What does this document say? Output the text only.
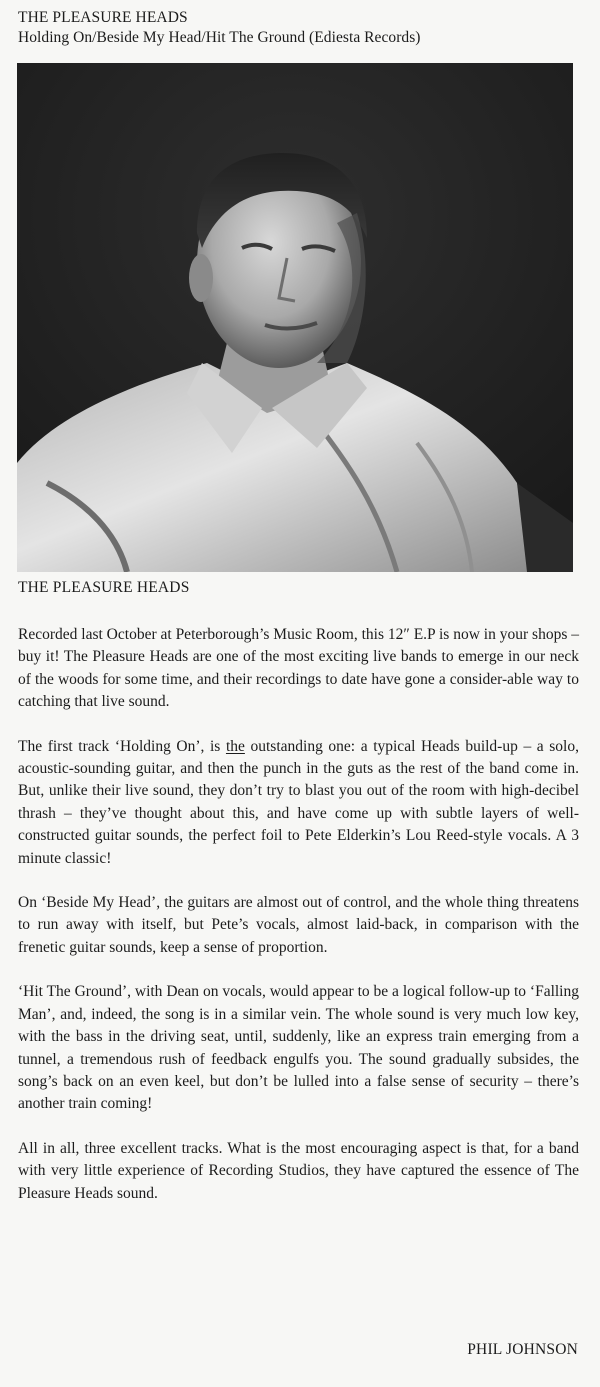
THE PLEASURE HEADS
Holding On/Beside My Head/Hit The Ground (Ediesta Records)
THE PLEASURE HEADS

Recorded last October at Peterborough’s Music Room, this 12″ E.P is now in your shops – buy it! The Pleasure Heads are one of the most exciting live bands to emerge in our neck of the woods for some time, and their recordings to date have gone a consider-able way to catching that live sound.

The first track ‘Holding On’, is the outstanding one: a typical Heads build-up – a solo, acoustic-sounding guitar, and then the punch in the guts as the rest of the band come in. But, unlike their live sound, they don’t try to blast you out of the room with high-decibel thrash – they’ve thought about this, and have come up with subtle layers of well-constructed guitar sounds, the perfect foil to Pete Elderkin’s Lou Reed-style vocals. A 3 minute classic!

On ‘Beside My Head’, the guitars are almost out of control, and the whole thing threatens to run away with itself, but Pete’s vocals, almost laid-back, in comparison with the frenetic guitar sounds, keep a sense of proportion.

‘Hit The Ground’, with Dean on vocals, would appear to be a logical follow-up to ‘Falling Man’, and, indeed, the song is in a similar vein. The whole sound is very much low key, with the bass in the driving seat, until, suddenly, like an express train emerging from a tunnel, a tremendous rush of feedback engulfs you. The sound gradually subsides, the song’s back on an even keel, but don’t be lulled into a false sense of security – there’s another train coming!

All in all, three excellent tracks. What is the most encouraging aspect is that, for a band with very little experience of Recording Studios, they have captured the essence of The Pleasure Heads sound.

PHIL JOHNSON
